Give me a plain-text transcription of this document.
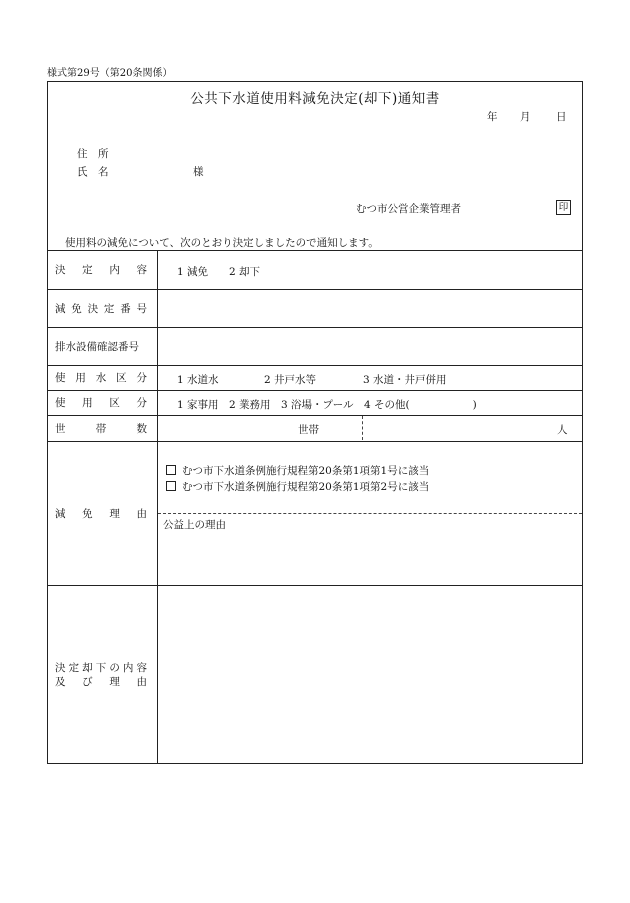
様式第29号（第20条関係）
公共下水道使用料減免決定(却下)通知書
年 月 日
住　所
氏　名	様
むつ市公営企業管理者	印
使用料の減免について、次のとおり決定しましたので通知します。
決 定 内 容	1 減免　　2 却下
減 免 決 定 番 号
排水設備確認番号
使 用 水 区 分	1 水道水	2 井戸水等	3 水道・井戸併用
使 用 区 分	1 家事用　2 業務用　3 浴場・プール　4 その他(　　　　　　)
世	帯	数	世帯	人
減 免 理 由
むつ市下水道条例施行規程第20条第1項第1号に該当
むつ市下水道条例施行規程第20条第1項第2号に該当
公益上の理由
決 定 却 下 の 内 容
及 び 理 由
